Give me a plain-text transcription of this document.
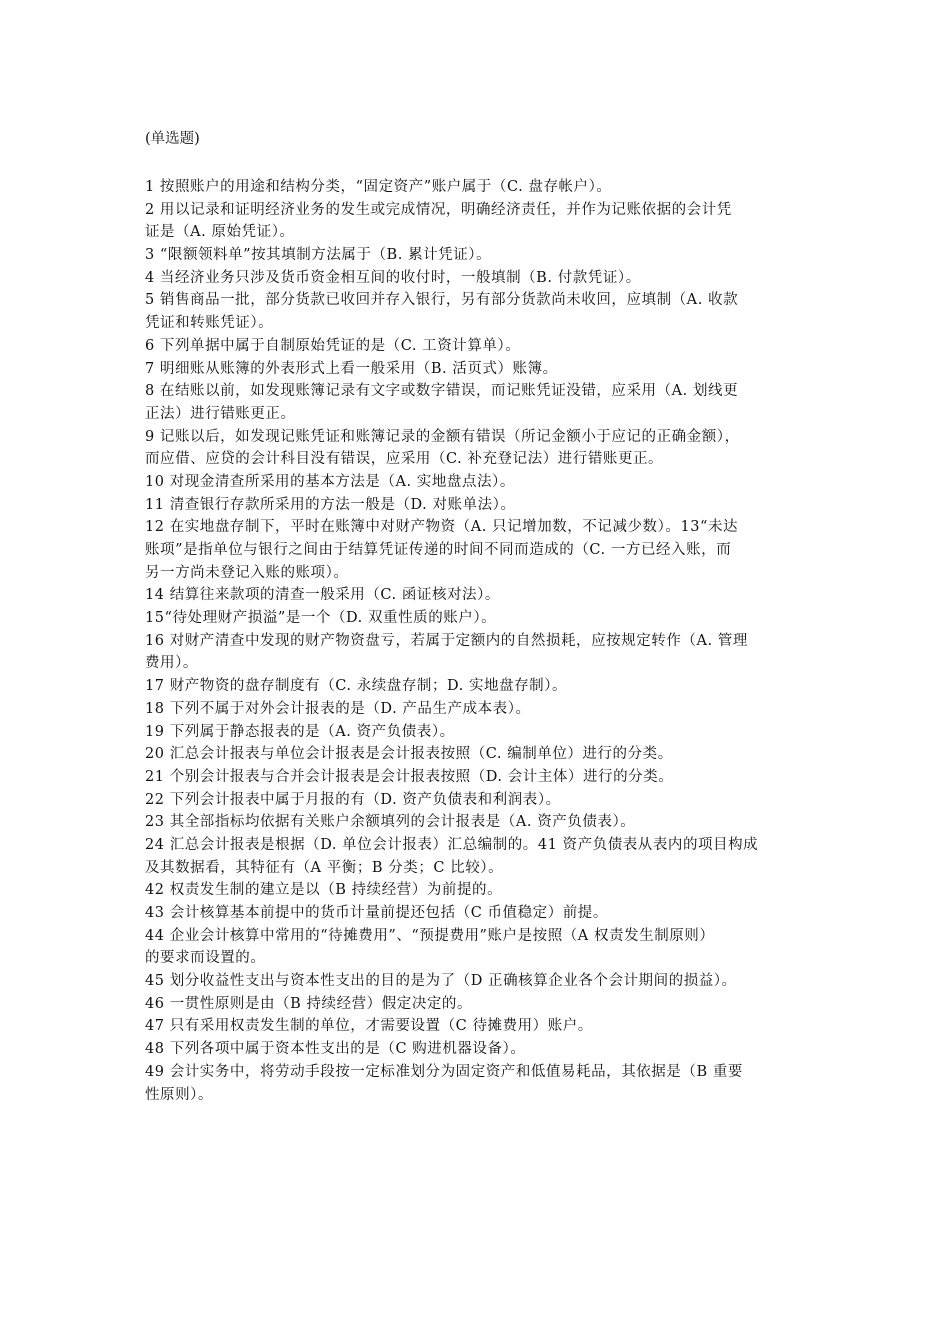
(单选题)
1 按照账户的用途和结构分类，“固定资产”账户属于（C. 盘存帐户）。
2 用以记录和证明经济业务的发生或完成情况，明确经济责任，并作为记账依据的会计凭
证是（A. 原始凭证）。
3 “限额领料单”按其填制方法属于（B. 累计凭证）。
4 当经济业务只涉及货币资金相互间的收付时，一般填制（B. 付款凭证）。
5 销售商品一批，部分货款已收回并存入银行，另有部分货款尚未收回，应填制（A. 收款
凭证和转账凭证）。
6 下列单据中属于自制原始凭证的是（C. 工资计算单）。
7 明细账从账簿的外表形式上看一般采用（B. 活页式）账簿。
8 在结账以前，如发现账簿记录有文字或数字错误，而记账凭证没错，应采用（A. 划线更
正法）进行错账更正。
9 记账以后，如发现记账凭证和账簿记录的金额有错误（所记金额小于应记的正确金额），
而应借、应贷的会计科目没有错误，应采用（C. 补充登记法）进行错账更正。
10 对现金清查所采用的基本方法是（A. 实地盘点法）。
11 清查银行存款所采用的方法一般是（D. 对账单法）。
12 在实地盘存制下，平时在账簿中对财产物资（A. 只记增加数，不记减少数）。13“未达
账项”是指单位与银行之间由于结算凭证传递的时间不同而造成的（C. 一方已经入账，而
另一方尚未登记入账的账项）。
14 结算往来款项的清查一般采用（C. 函证核对法）。
15“待处理财产损溢”是一个（D. 双重性质的账户）。
16 对财产清查中发现的财产物资盘亏，若属于定额内的自然损耗，应按规定转作（A. 管理
费用）。
17 财产物资的盘存制度有（C. 永续盘存制；D. 实地盘存制）。
18 下列不属于对外会计报表的是（D. 产品生产成本表）。
19 下列属于静态报表的是（A. 资产负债表）。
20 汇总会计报表与单位会计报表是会计报表按照（C. 编制单位）进行的分类。
21 个别会计报表与合并会计报表是会计报表按照（D. 会计主体）进行的分类。
22 下列会计报表中属于月报的有（D. 资产负债表和利润表）。
23 其全部指标均依据有关账户余额填列的会计报表是（A. 资产负债表）。
24 汇总会计报表是根据（D. 单位会计报表）汇总编制的。41 资产负债表从表内的项目构成
及其数据看，其特征有（A 平衡；B 分类；C 比较）。
42 权责发生制的建立是以（B 持续经营）为前提的。
43 会计核算基本前提中的货币计量前提还包括（C 币值稳定）前提。
44 企业会计核算中常用的“待摊费用”、“预提费用”账户是按照（A 权责发生制原则）
的要求而设置的。
45 划分收益性支出与资本性支出的目的是为了（D 正确核算企业各个会计期间的损益）。
46 一贯性原则是由（B 持续经营）假定决定的。
47 只有采用权责发生制的单位，才需要设置（C 待摊费用）账户。
48 下列各项中属于资本性支出的是（C 购进机器设备）。
49 会计实务中，将劳动手段按一定标准划分为固定资产和低值易耗品，其依据是（B 重要
性原则）。
